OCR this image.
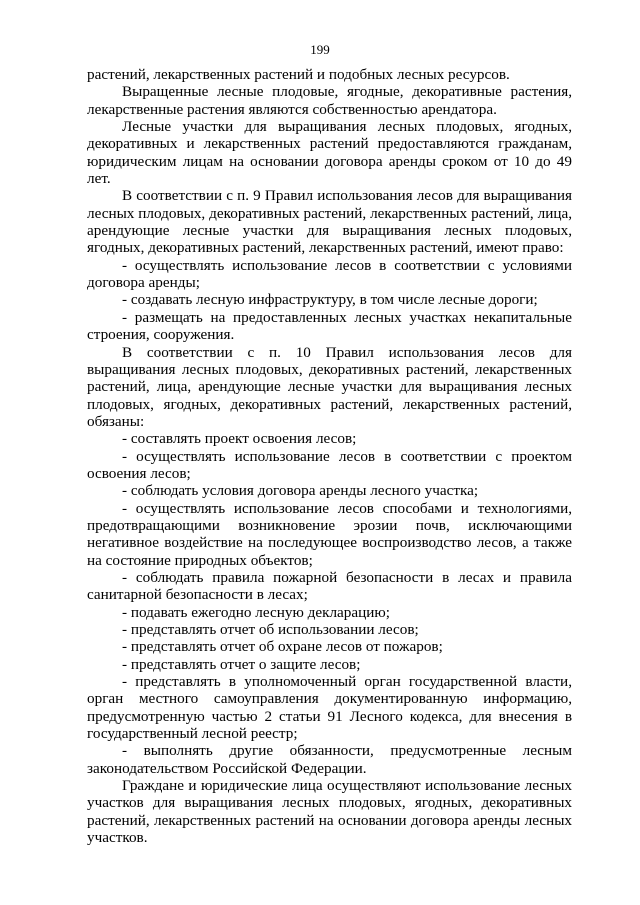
199

растений, лекарственных растений и подобных лесных ресурсов.

Выращенные лесные плодовые, ягодные, декоративные растения, лекарственные растения являются собственностью арендатора.

Лесные участки для выращивания лесных плодовых, ягодных, декоративных и лекарственных растений предоставляются гражданам, юридическим лицам на основании договора аренды сроком от 10 до 49 лет.

В соответствии с п. 9 Правил использования лесов для выращивания лесных плодовых, декоративных растений, лекарственных растений, лица, арендующие лесные участки для выращивания лесных плодовых, ягодных, декоративных растений, лекарственных растений, имеют право:

- осуществлять использование лесов в соответствии с условиями договора аренды;

- создавать лесную инфраструктуру, в том числе лесные дороги;

- размещать на предоставленных лесных участках некапитальные строения, сооружения.

В соответствии с п. 10 Правил использования лесов для выращивания лесных плодовых, декоративных растений, лекарственных растений, лица, арендующие лесные участки для выращивания лесных плодовых, ягодных, декоративных растений, лекарственных растений, обязаны:

- составлять проект освоения лесов;

- осуществлять использование лесов в соответствии с проектом освоения лесов;

- соблюдать условия договора аренды лесного участка;

- осуществлять использование лесов способами и технологиями, предотвращающими возникновение эрозии почв, исключающими негативное воздействие на последующее воспроизводство лесов, а также на состояние природных объектов;

- соблюдать правила пожарной безопасности в лесах и правила санитарной безопасности в лесах;

- подавать ежегодно лесную декларацию;

- представлять отчет об использовании лесов;

- представлять отчет об охране лесов от пожаров;

- представлять отчет о защите лесов;

- представлять в уполномоченный орган государственной власти, орган местного самоуправления документированную информацию, предусмотренную частью 2 статьи 91 Лесного кодекса, для внесения в государственный лесной реестр;

- выполнять другие обязанности, предусмотренные лесным законодательством Российской Федерации.

Граждане и юридические лица осуществляют использование лесных участков для выращивания лесных плодовых, ягодных, декоративных растений, лекарственных растений на основании договора аренды лесных участков.
